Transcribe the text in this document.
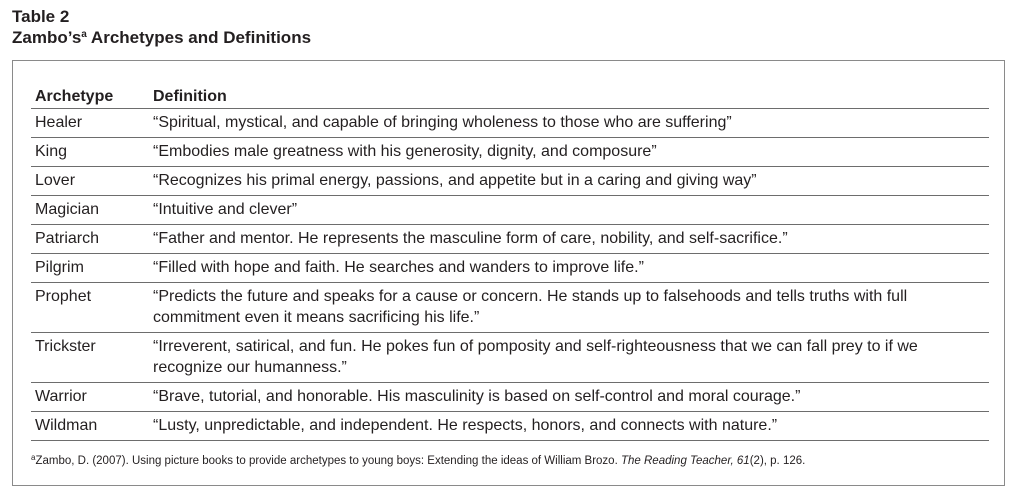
Table 2
$Zambo’s^a$ Archetypes and Definitions
Archetype	Definition
Healer	“Spiritual, mystical, and capable of bringing wholeness to those who are suffering”
King	“Embodies male greatness with his generosity, dignity, and composure”
Lover	“Recognizes his primal energy, passions, and appetite but in a caring and giving way”
Magician	“Intuitive and clever”
Patriarch	“Father and mentor. He represents the masculine form of care, nobility, and self-sacrifice.”
Pilgrim	“Filled with hope and faith. He searches and wanders to improve life.”
Prophet	“Predicts the future and speaks for a cause or concern. He stands up to falsehoods and tells truths with full commitment even it means sacrificing his life.”
Trickster	“Irreverent, satirical, and fun. He pokes fun of pomposity and self-righteousness that we can fall prey to if we recognize our humanness.”
Warrior	“Brave, tutorial, and honorable. His masculinity is based on self-control and moral courage.”
Wildman	“Lusty, unpredictable, and independent. He respects, honors, and connects with nature.”
$^a$Zambo, D. (2007). Using picture books to provide archetypes to young boys: Extending the ideas of William Brozo. The Reading Teacher, 61(2), p. 126.
